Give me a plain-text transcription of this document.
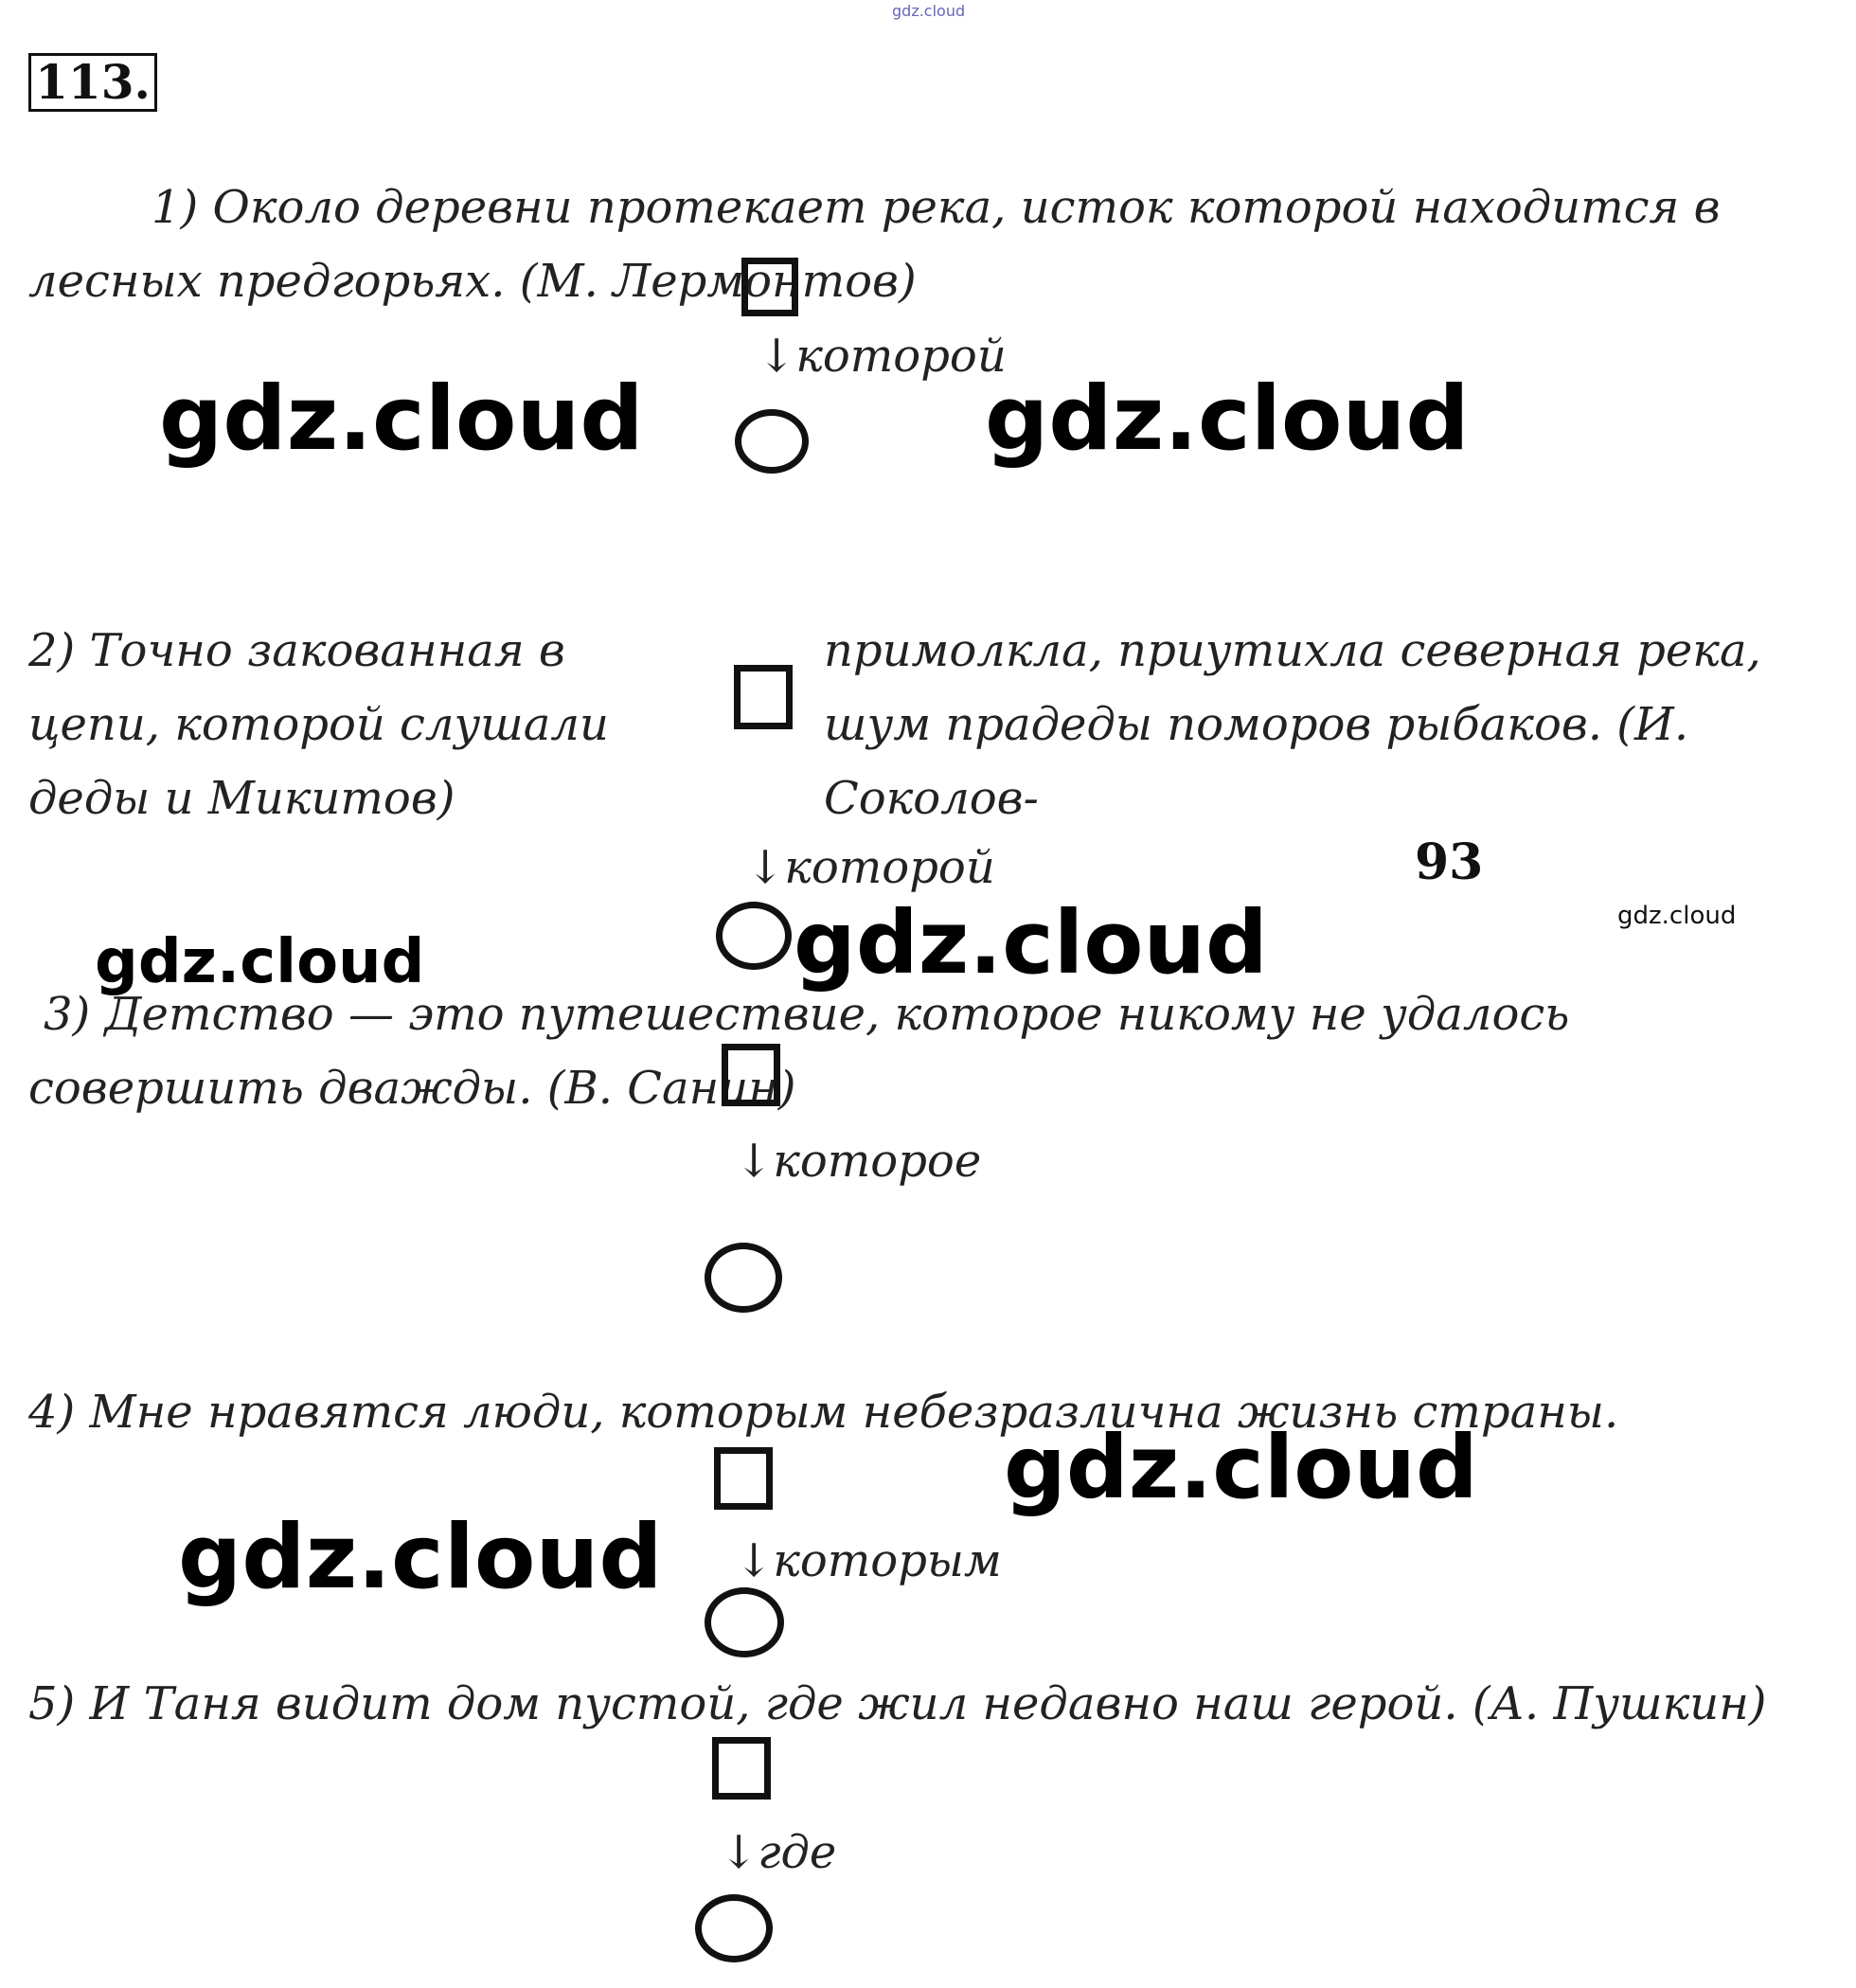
gdz.cloud
113.

1) Около деревни протекает река, исток которой находится в лесных предгорьях. (М. Лермонтов)

↓которой
gdz.cloud	gdz.cloud

2) Точно закованная в цепи, которой слушали деды и Микитов)

примолкла, приутихла северная река, шум прадеды поморов рыбаков. (И. Соколов-

↓которой	93
gdz.cloud
gdz.cloud
gdz.cloud

3) Детство — это путешествие, которое никому не удалось совершить дважды. (В. Санин)

↓которое

4) Мне нравятся люди, которым небезразлична жизнь страны.

gdz.cloud
↓которым
gdz.cloud

5) И Таня видит дом пустой, где жил недавно наш герой. (А. Пушкин)

↓где
